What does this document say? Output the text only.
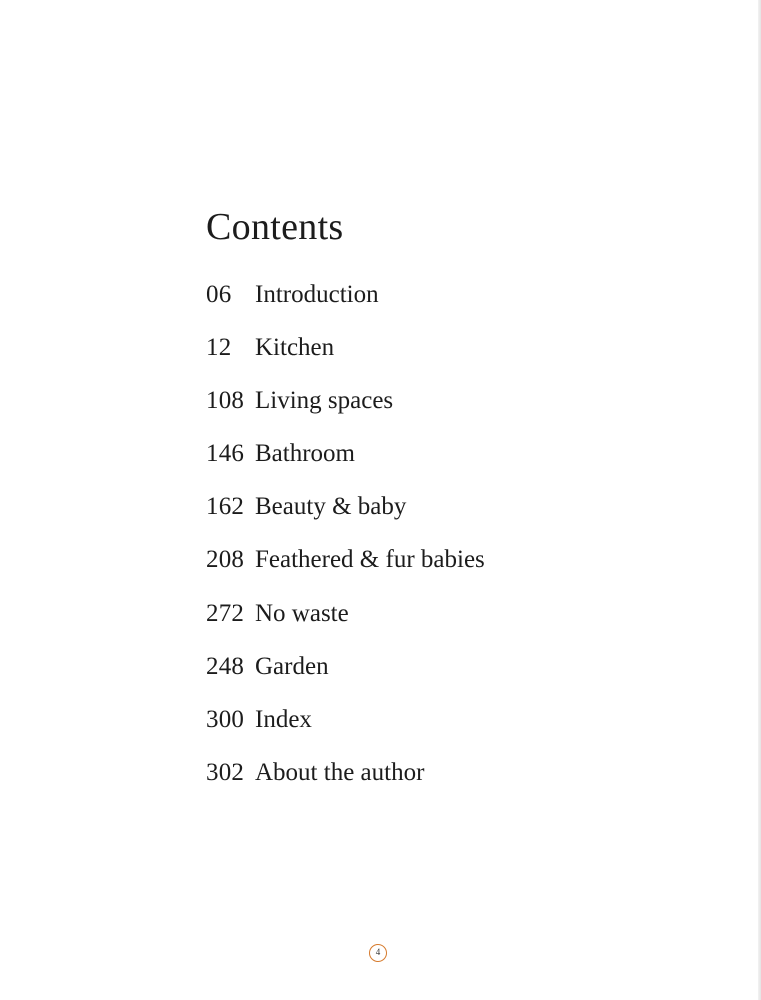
Contents
06 Introduction
12 Kitchen
108 Living spaces
146 Bathroom
162 Beauty & baby
208 Feathered & fur babies
272 No waste
248 Garden
300 Index
302 About the author
4
